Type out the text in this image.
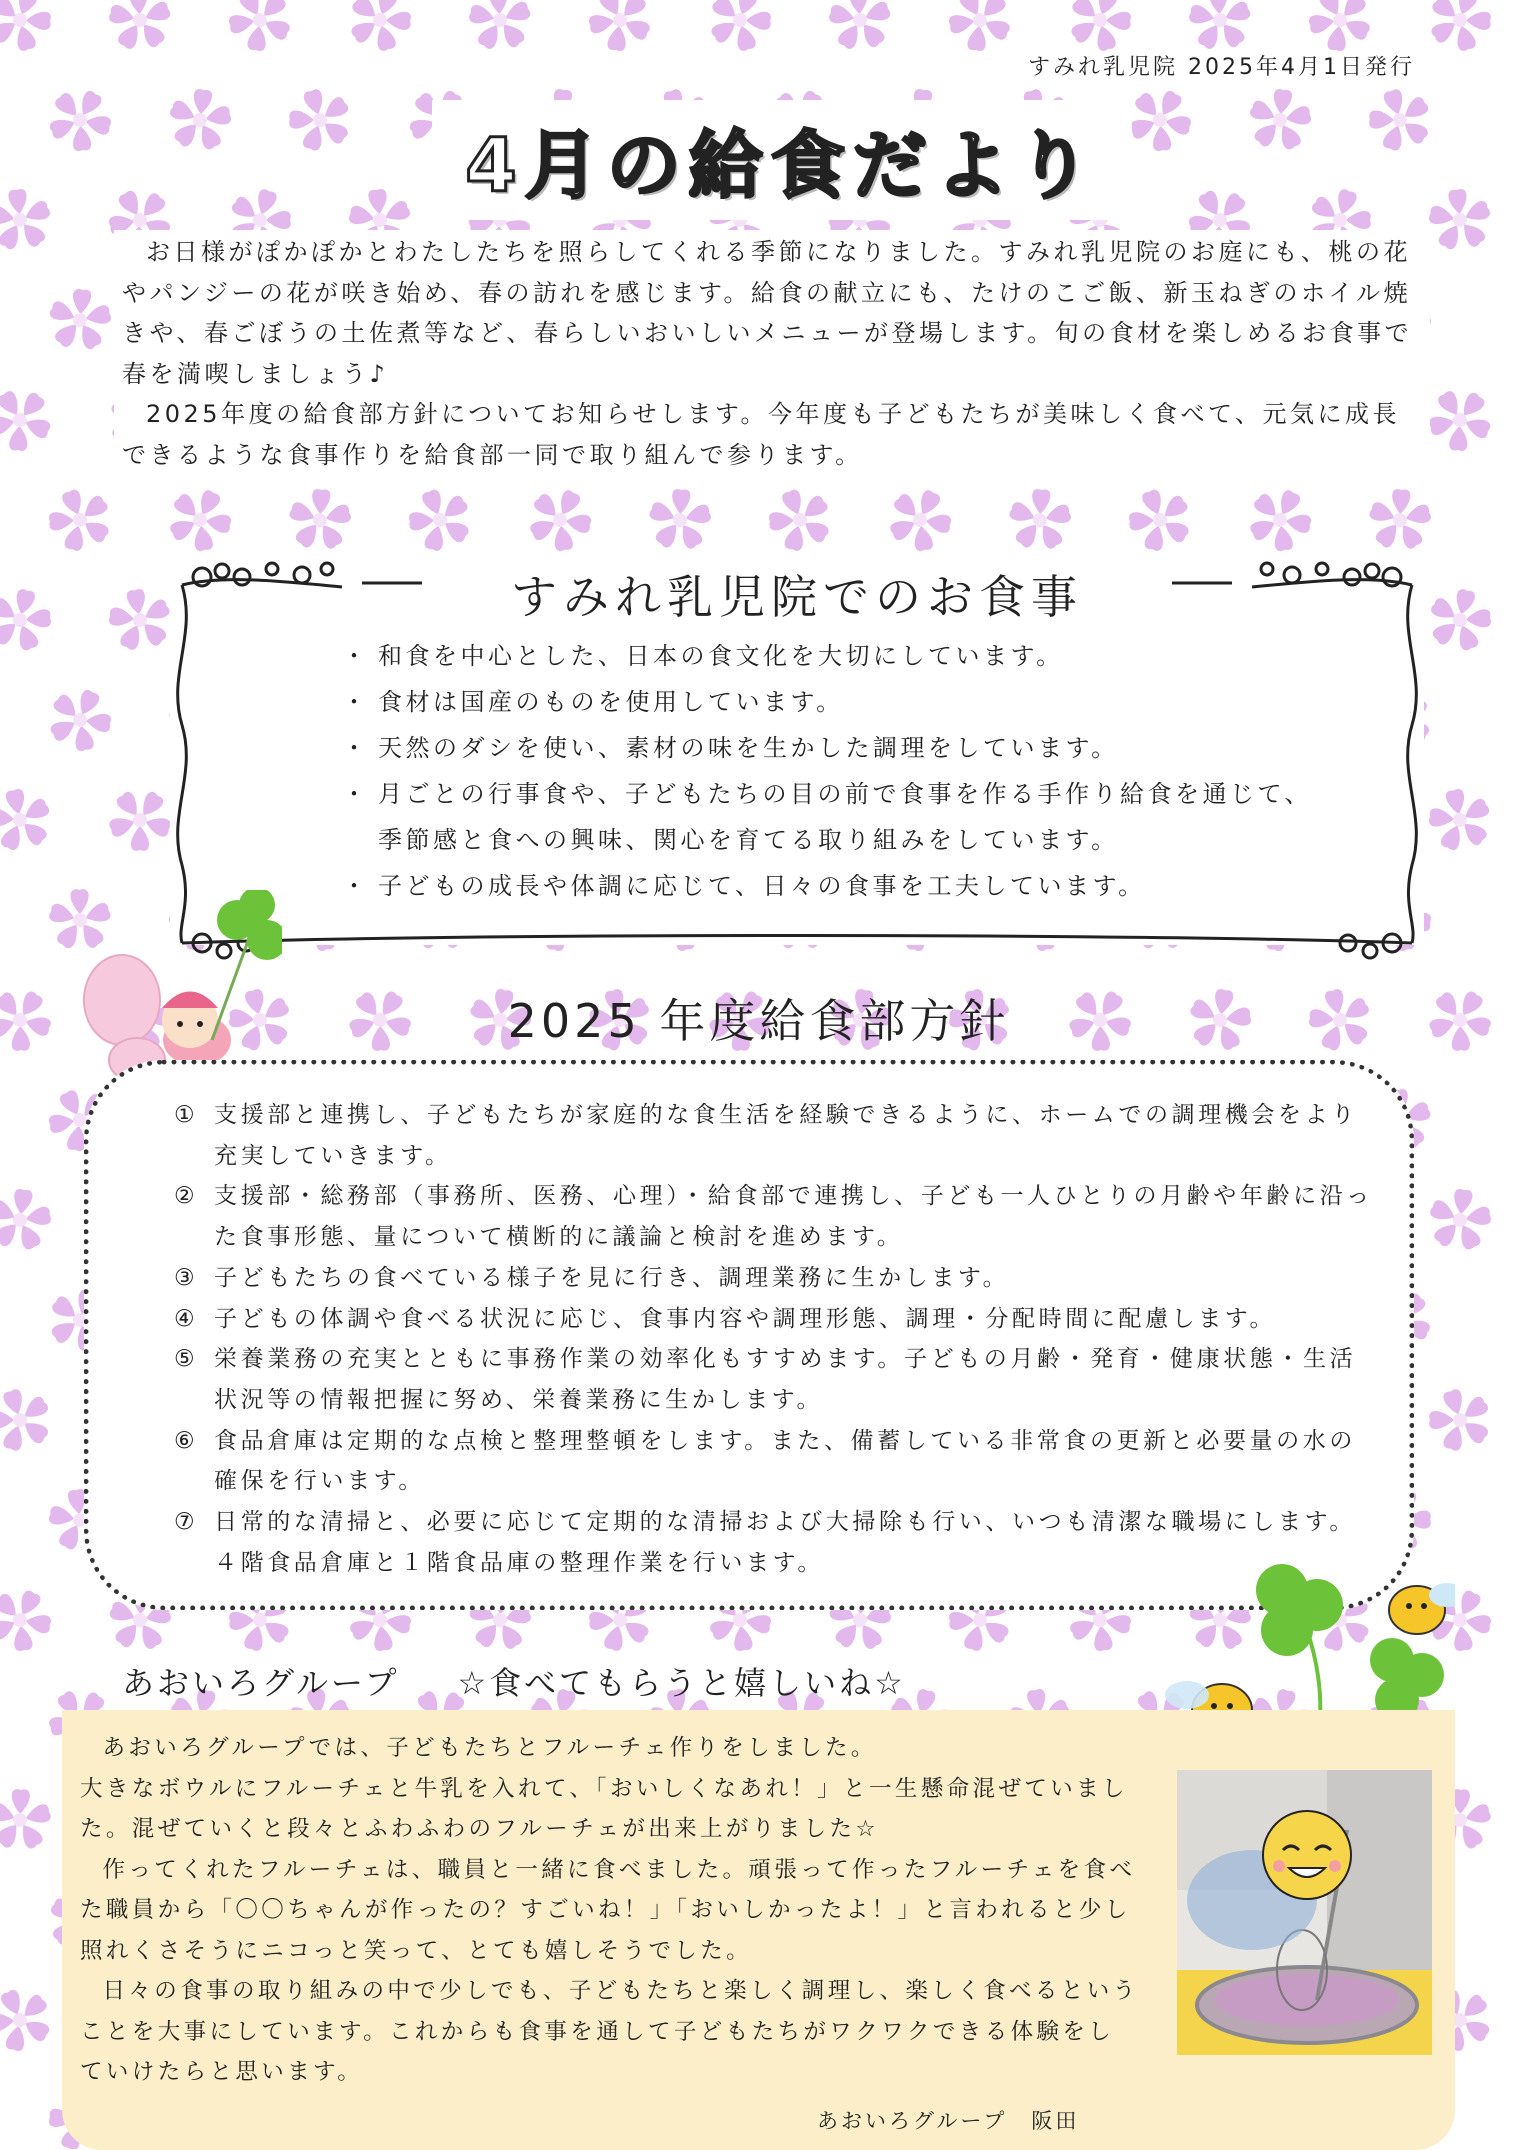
すみれ乳児院 2025年4月1日発行
4月の給食だより

お日様がぽかぽかとわたしたちを照らしてくれる季節になりました。すみれ乳児院のお庭にも、桃の花やパンジーの花が咲き始め、春の訪れを感じます。給食の献立にも、たけのこご飯、新玉ねぎのホイル焼きや、春ごぼうの土佐煮等など、春らしいおいしいメニューが登場します。旬の食材を楽しめるお食事で春を満喫しましょう♪

2025年度の給食部方針についてお知らせします。今年度も子どもたちが美味しく食べて、元気に成長できるような食事作りを給食部一同で取り組んで参ります。

すみれ乳児院でのお食事
・ 和食を中心とした、日本の食文化を大切にしています。
・ 食材は国産のものを使用しています。
・ 天然のダシを使い、素材の味を生かした調理をしています。
・ 月ごとの行事食や、子どもたちの目の前で食事を作る手作り給食を通じて、
季節感と食への興味、関心を育てる取り組みをしています。
・ 子どもの成長や体調に応じて、日々の食事を工夫しています。
2025 年度給食部方針
① 支援部と連携し、子どもたちが家庭的な食生活を経験できるように、ホームでの調理機会をより充実していきます。
② 支援部・総務部（事務所、医務、心理）・給食部で連携し、子ども一人ひとりの月齢や年齢に沿った食事形態、量について横断的に議論と検討を進めます。
③ 子どもたちの食べている様子を見に行き、調理業務に生かします。
④ 子どもの体調や食べる状況に応じ、食事内容や調理形態、調理・分配時間に配慮します。
⑤ 栄養業務の充実とともに事務作業の効率化もすすめます。子どもの月齢・発育・健康状態・生活状況等の情報把握に努め、栄養業務に生かします。
⑥ 食品倉庫は定期的な点検と整理整頓をします。また、備蓄している非常食の更新と必要量の水の確保を行います。
⑦ 日常的な清掃と、必要に応じて定期的な清掃および大掃除も行い、いつも清潔な職場にします。４階食品倉庫と１階食品庫の整理作業を行います。
あおいろグループ ☆食べてもらうと嬉しいね☆

あおいろグループでは、子どもたちとフルーチェ作りをしました。

大きなボウルにフルーチェと牛乳を入れて、「おいしくなあれ！」と一生懸命混ぜていました。混ぜていくと段々とふわふわのフルーチェが出来上がりました☆

作ってくれたフルーチェは、職員と一緒に食べました。頑張って作ったフルーチェを食べた職員から「〇〇ちゃんが作ったの？すごいね！」「おいしかったよ！」と言われると少し照れくさそうにニコっと笑って、とても嬉しそうでした。

日々の食事の取り組みの中で少しでも、子どもたちと楽しく調理し、楽しく食べるということを大事にしています。これからも食事を通して子どもたちがワクワクできる体験をしていけたらと思います。

あおいろグループ　阪田
